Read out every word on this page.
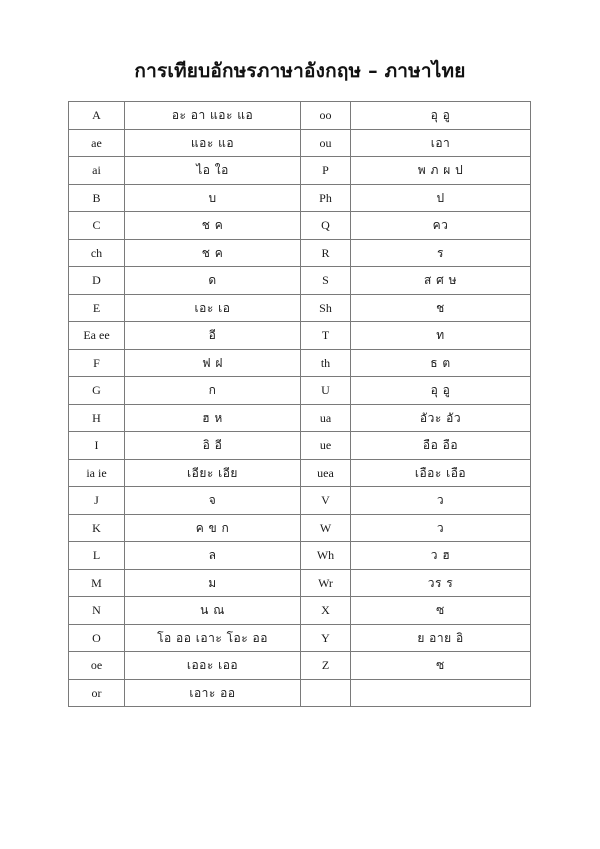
การเทียบอักษรภาษาอังกฤษ – ภาษาไทย
A	อะ อา แอะ แอ	oo	อุ อู
ae	แอะ แอ	ou	เอา
ai	ไอ ใอ	P	พ ภ ผ ป
B	บ	Ph	ป
C	ช ค	Q	คว
ch	ช ค	R	ร
D	ด	S	ส ศ ษ
E	เอะ เอ	Sh	ช
Ea ee	อี	T	ท
F	ฟ ฝ	th	ธ ต
G	ก	U	อุ อู
H	ฮ ห	ua	อัวะ อัว
I	อิ อี	ue	อือ อือ
ia ie	เอียะ เอีย	uea	เอือะ เอือ
J	จ	V	ว
K	ค ข ก	W	ว
L	ล	Wh	ว ฮ
M	ม	Wr	วร ร
N	น ณ	X	ซ
O	โอ ออ เอาะ โอะ ออ	Y	ย อาย อิ
oe	เออะ เออ	Z	ซ
or	เอาะ ออ		
